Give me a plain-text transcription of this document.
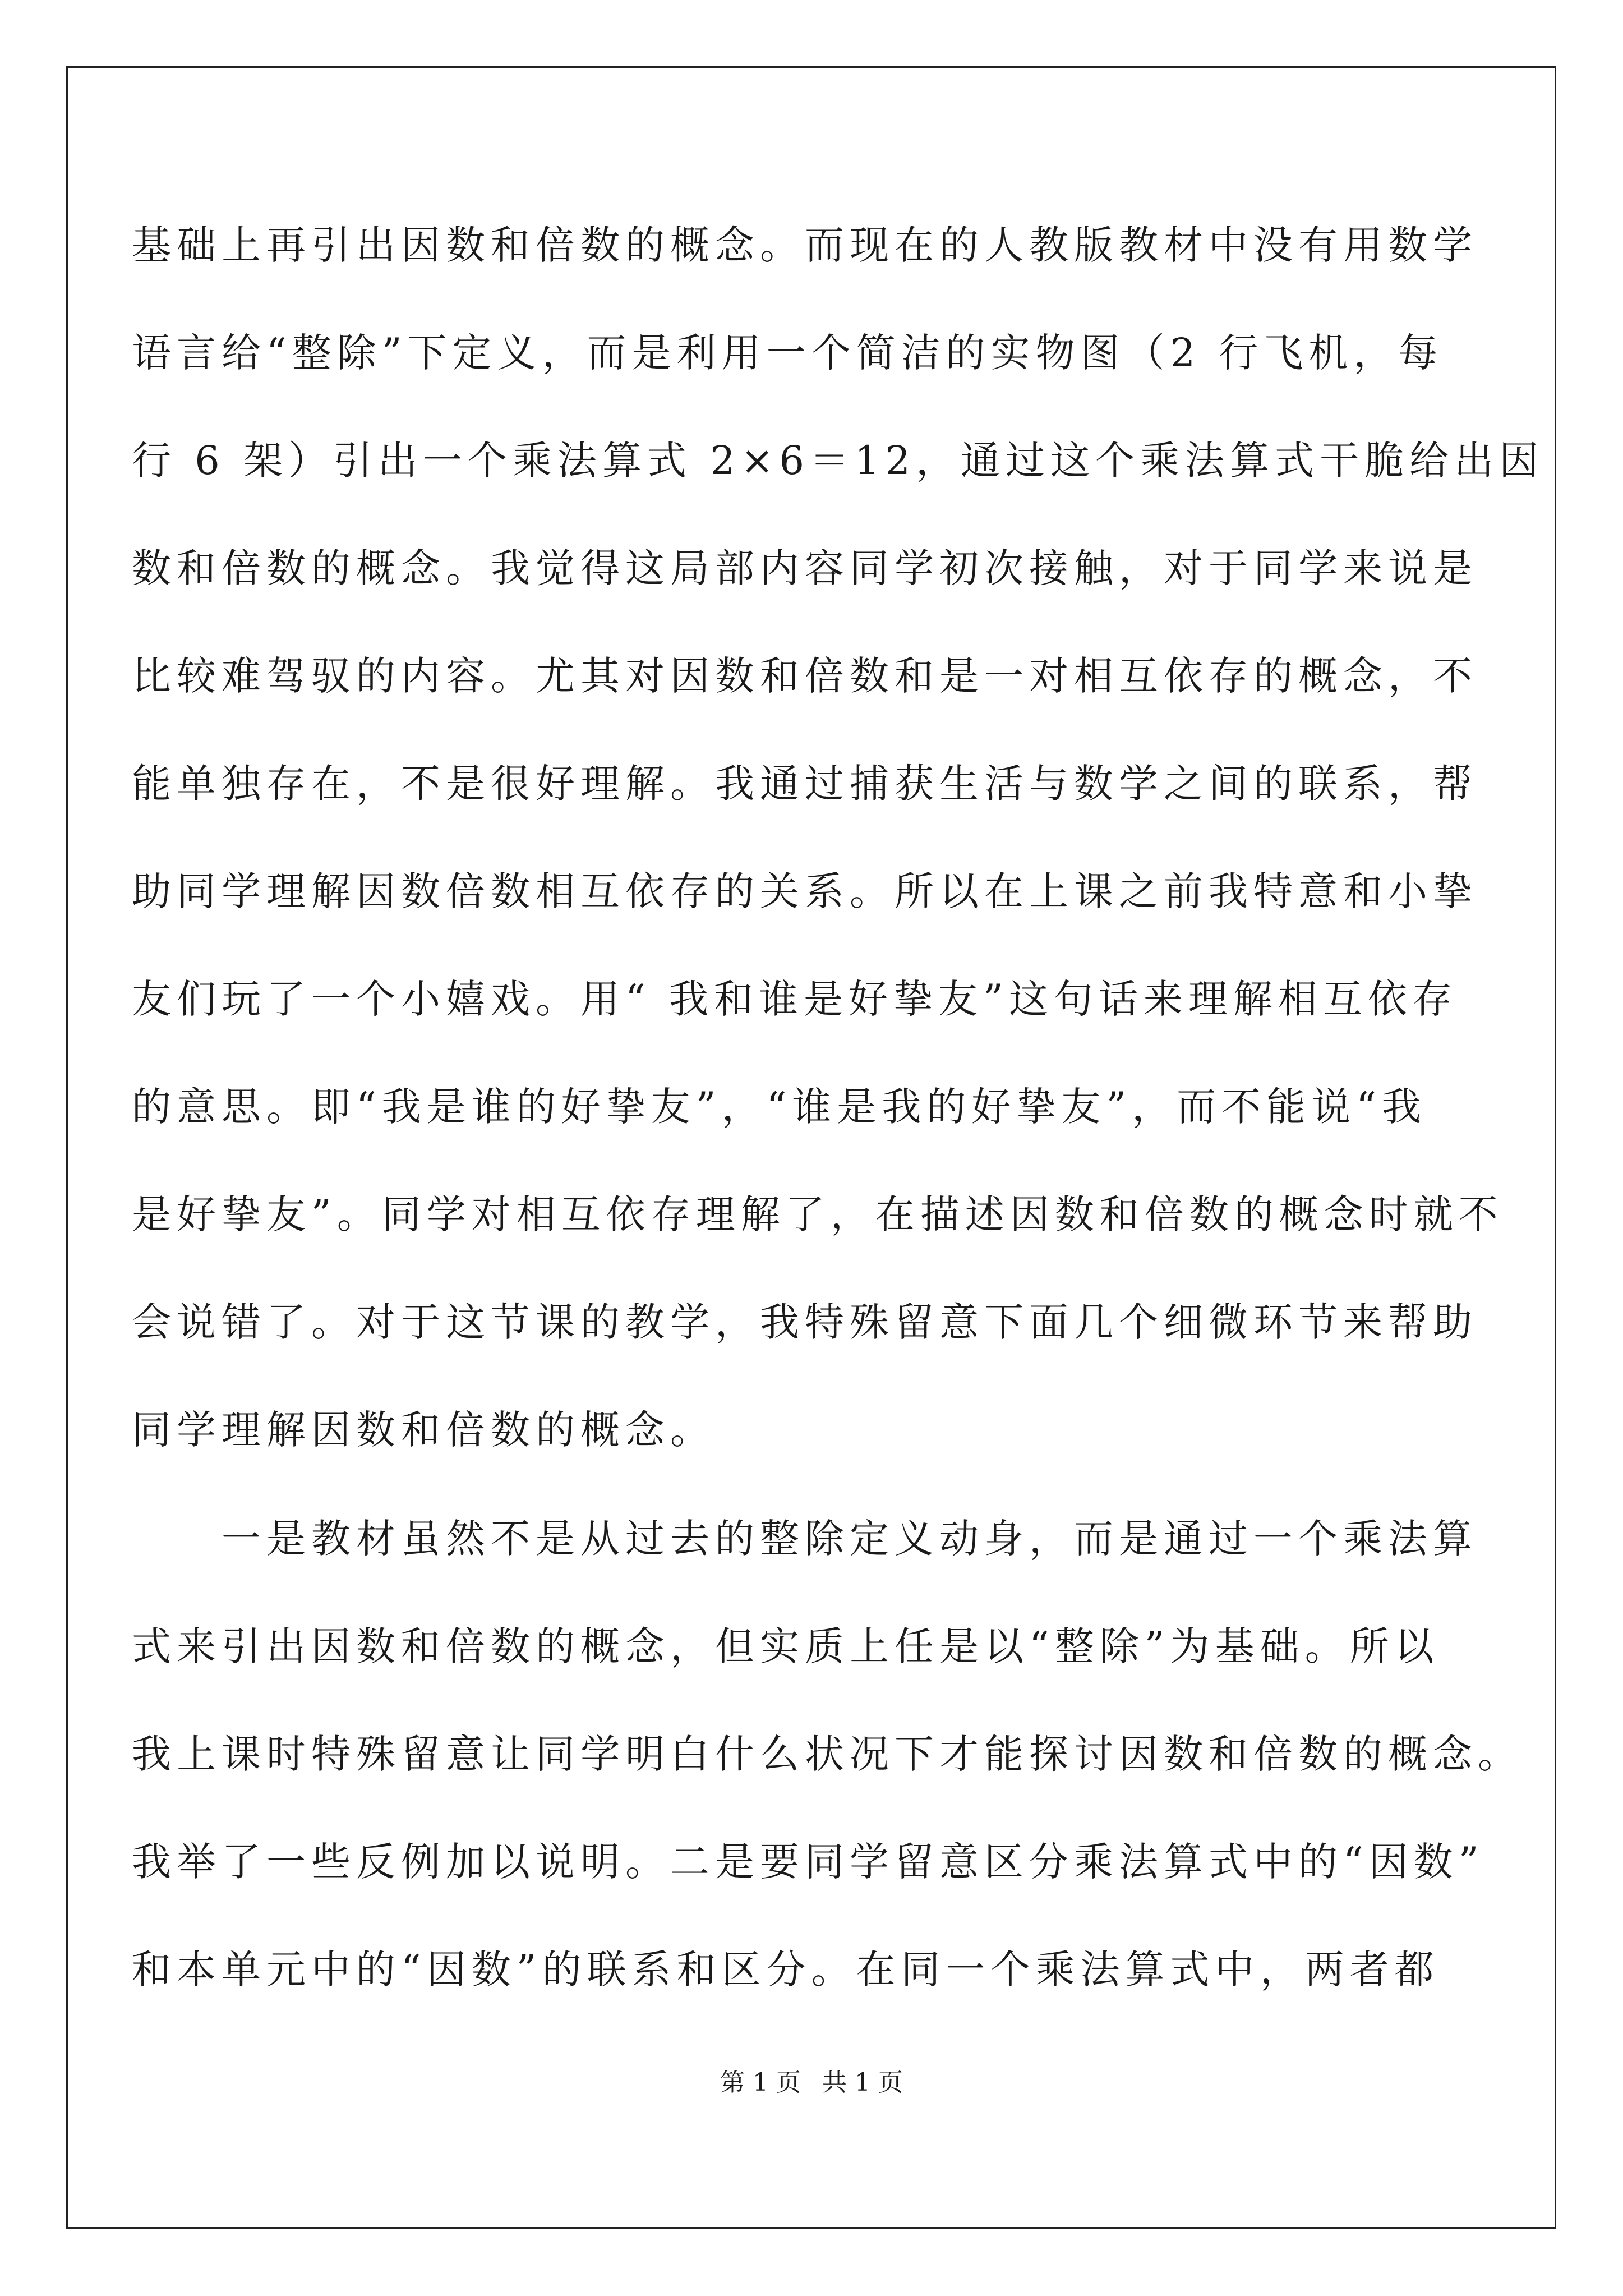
基础上再引出因数和倍数的概念。而现在的人教版教材中没有用数学
语言给“整除”下定义，而是利用一个简洁的实物图（2 行飞机，每
行 6 架）引出一个乘法算式 2×6＝12，通过这个乘法算式干脆给出因
数和倍数的概念。我觉得这局部内容同学初次接触，对于同学来说是
比较难驾驭的内容。尤其对因数和倍数和是一对相互依存的概念，不
能单独存在，不是很好理解。我通过捕获生活与数学之间的联系，帮
助同学理解因数倍数相互依存的关系。所以在上课之前我特意和小挚
友们玩了一个小嬉戏。用“ 我和谁是好挚友”这句话来理解相互依存
的意思。即“我是谁的好挚友”，“谁是我的好挚友”，而不能说“我
是好挚友”。同学对相互依存理解了，在描述因数和倍数的概念时就不
会说错了。对于这节课的教学，我特殊留意下面几个细微环节来帮助
同学理解因数和倍数的概念。
　　一是教材虽然不是从过去的整除定义动身，而是通过一个乘法算
式来引出因数和倍数的概念，但实质上任是以“整除”为基础。所以
我上课时特殊留意让同学明白什么状况下才能探讨因数和倍数的概念。
我举了一些反例加以说明。二是要同学留意区分乘法算式中的“因数”
和本单元中的“因数”的联系和区分。在同一个乘法算式中，两者都
第 1 页 共 1 页
